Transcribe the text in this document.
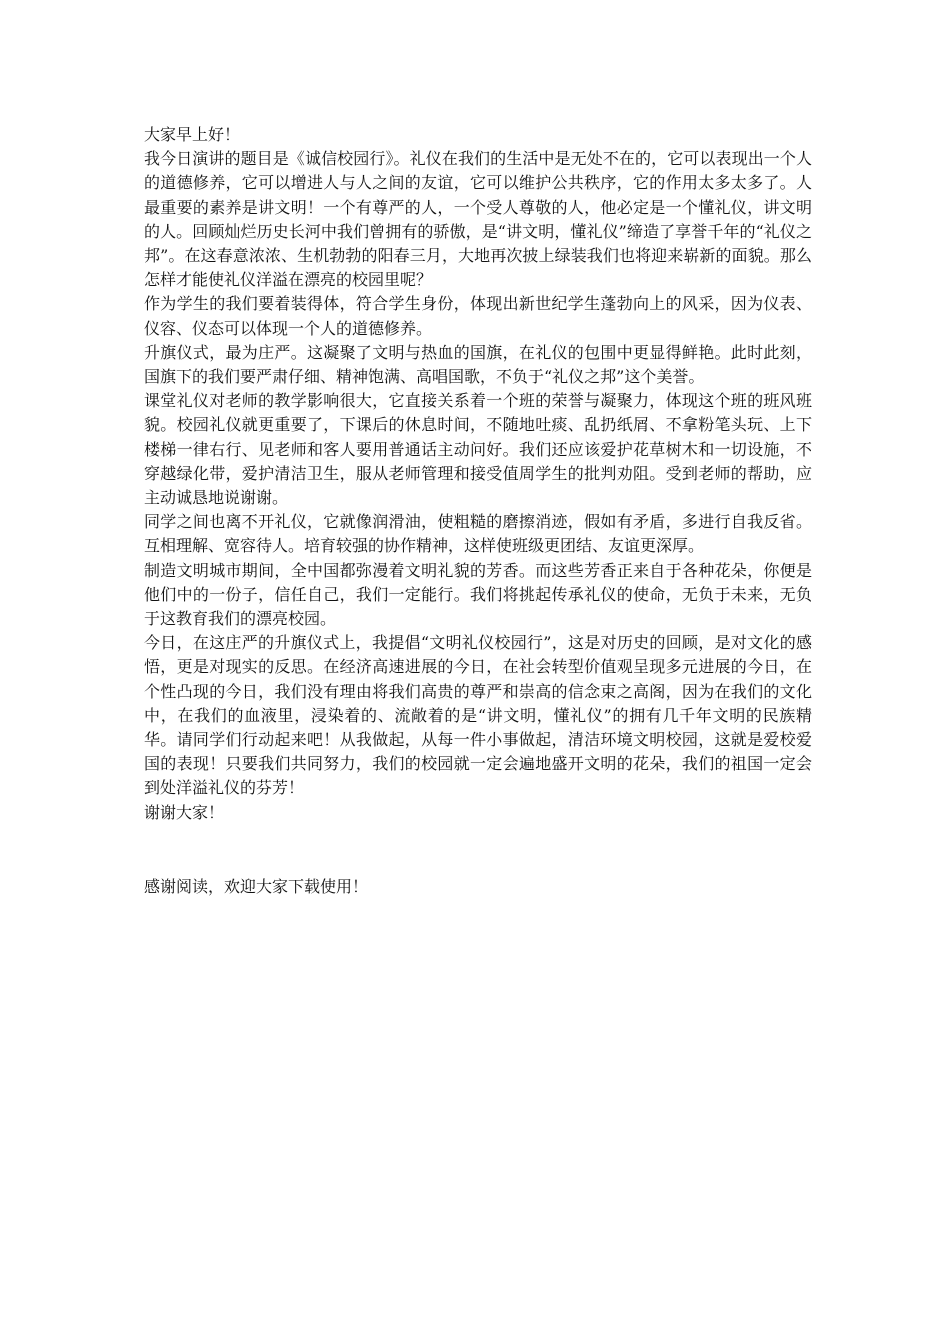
大家早上好！

我今日演讲的题目是《诚信校园行》。礼仪在我们的生活中是无处不在的，它可以表现出一个人的道德修养，它可以增进人与人之间的友谊，它可以维护公共秩序，它的作用太多太多了。人最重要的素养是讲文明！一个有尊严的人，一个受人尊敬的人，他必定是一个懂礼仪，讲文明的人。回顾灿烂历史长河中我们曾拥有的骄傲，是“讲文明，懂礼仪”缔造了享誉千年的“礼仪之邦”。在这春意浓浓、生机勃勃的阳春三月，大地再次披上绿装我们也将迎来崭新的面貌。那么怎样才能使礼仪洋溢在漂亮的校园里呢？

作为学生的我们要着装得体，符合学生身份，体现出新世纪学生蓬勃向上的风采，因为仪表、仪容、仪态可以体现一个人的道德修养。

升旗仪式，最为庄严。这凝聚了文明与热血的国旗，在礼仪的包围中更显得鲜艳。此时此刻，国旗下的我们要严肃仔细、精神饱满、高唱国歌，不负于“礼仪之邦”这个美誉。

课堂礼仪对老师的教学影响很大，它直接关系着一个班的荣誉与凝聚力，体现这个班的班风班貌。校园礼仪就更重要了，下课后的休息时间，不随地吐痰、乱扔纸屑、不拿粉笔头玩、上下楼梯一律右行、见老师和客人要用普通话主动问好。我们还应该爱护花草树木和一切设施，不穿越绿化带，爱护清洁卫生，服从老师管理和接受值周学生的批判劝阻。受到老师的帮助，应主动诚恳地说谢谢。

同学之间也离不开礼仪，它就像润滑油，使粗糙的磨擦消迹，假如有矛盾，多进行自我反省。互相理解、宽容待人。培育较强的协作精神，这样使班级更团结、友谊更深厚。

制造文明城市期间，全中国都弥漫着文明礼貌的芳香。而这些芳香正来自于各种花朵，你便是他们中的一份子，信任自己，我们一定能行。我们将挑起传承礼仪的使命，无负于未来，无负于这教育我们的漂亮校园。

今日，在这庄严的升旗仪式上，我提倡“文明礼仪校园行”，这是对历史的回顾，是对文化的感悟，更是对现实的反思。在经济高速进展的今日，在社会转型价值观呈现多元进展的今日，在个性凸现的今日，我们没有理由将我们高贵的尊严和崇高的信念束之高阁，因为在我们的文化中，在我们的血液里，浸染着的、流敞着的是“讲文明，懂礼仪”的拥有几千年文明的民族精华。请同学们行动起来吧！从我做起，从每一件小事做起，清洁环境文明校园，这就是爱校爱国的表现！只要我们共同努力，我们的校园就一定会遍地盛开文明的花朵，我们的祖国一定会到处洋溢礼仪的芬芳！

谢谢大家！

感谢阅读，欢迎大家下载使用！
